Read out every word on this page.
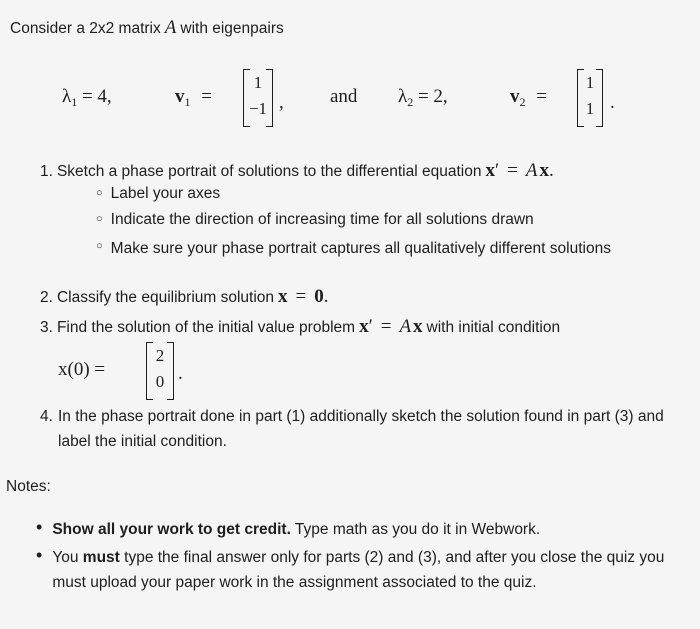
Consider a 2x2 matrix A with eigenpairs
$\lambda_1 = 4$,	$v_1$ =
1
−1 , and $\lambda_2 = 2$,	$v_2$ =
1
1 .
1. Sketch a phase portrait of solutions to the differential equation x ′ = A x .
○ Label your axes
○ Indicate the direction of increasing time for all solutions drawn
○ Make sure your phase portrait captures all qualitatively different solutions
2. Classify the equilibrium solution x = 0 .
3. Find the solution of the initial value problem x ′ = A x with initial condition
x(0) =
2
0 .
4. In the phase portrait done in part (1) additionally sketch the solution found in part (3) and label the initial condition.
Notes:
• Show all your work to get credit. Type math as you do it in Webwork.
• You must type the final answer only for parts (2) and (3), and after you close the quiz you must upload your paper work in the assignment associated to the quiz.
